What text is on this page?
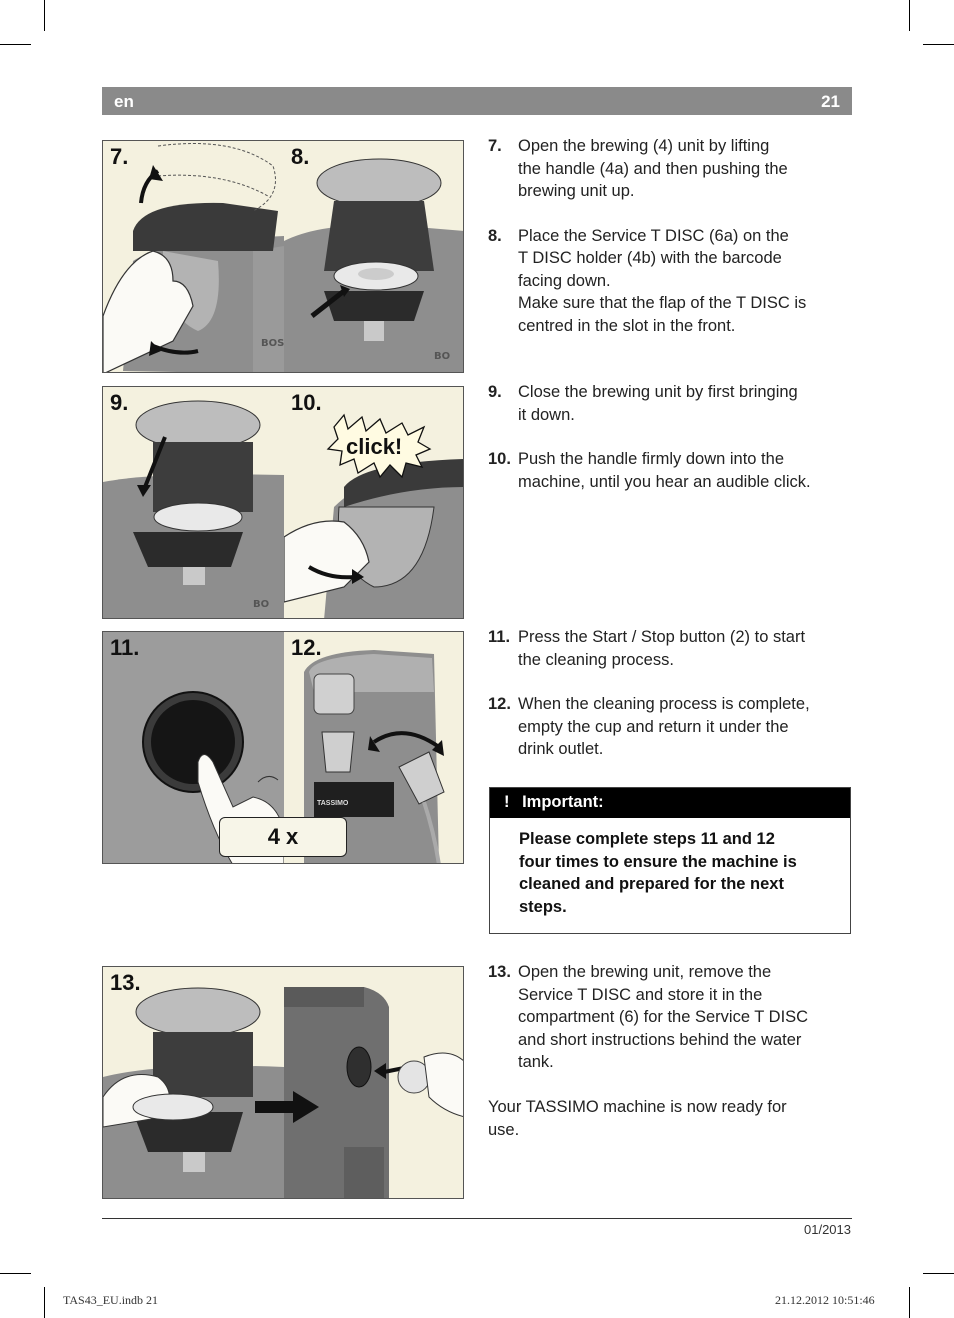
en	21
BOS
7.
BO
8.
BO
9.	10.
click!
11.	12.
TASSIMO
4 x
13.
7. Open the brewing (4) unit by lifting
the handle (4a) and then pushing the
brewing unit up.
8. Place the Service T DISC (6a) on the
T DISC holder (4b) with the barcode
facing down.
Make sure that the flap of the T DISC is
centred in the slot in the front.
9. Close the brewing unit by first bringing
it down.
10. Push the handle firmly down into the
machine, until you hear an audible click.
11. Press the Start / Stop button (2) to start
the cleaning process.
12. When the cleaning process is complete,
empty the cup and return it under the
drink outlet.
! Important:
Please complete steps 11 and 12
four times to ensure the machine is
cleaned and prepared for the next
steps.
13. Open the brewing unit, remove the
Service T DISC and store it in the
compartment (6) for the Service T DISC
and short instructions behind the water
tank.
Your TASSIMO machine is now ready for
use.
01/2013
TAS43_EU.indb 21	21.12.2012 10:51:46
